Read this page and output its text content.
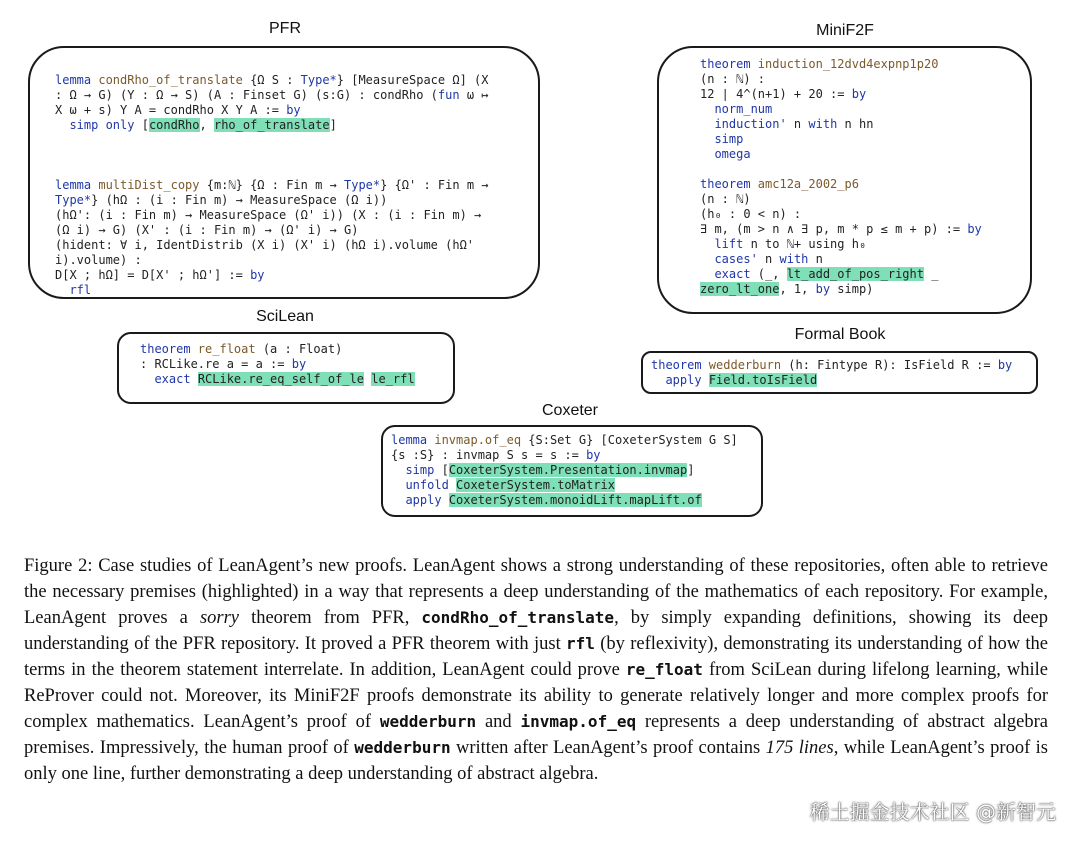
PFR
lemma condRho_of_translate {Ω S : Type*} [MeasureSpace Ω] (X
: Ω → G) (Y : Ω → S) (A : Finset G) (s:G) : condRho (fun ω ↦
X ω + s) Y A = condRho X Y A := by
simp only [condRho, rho_of_translate]

lemma multiDist_copy {m:ℕ} {Ω : Fin m → Type*} {Ω' : Fin m →
Type*} (hΩ : (i : Fin m) → MeasureSpace (Ω i))
(hΩ': (i : Fin m) → MeasureSpace (Ω' i)) (X : (i : Fin m) →
(Ω i) → G) (X' : (i : Fin m) → (Ω' i) → G)
(hident: ∀ i, IdentDistrib (X i) (X' i) (hΩ i).volume (hΩ'
i).volume) :
D[X ; hΩ] = D[X' ; hΩ'] := by
rfl
MiniF2F
theorem induction_12dvd4expnp1p20
(n : ℕ) :
12 ∣ 4^(n+1) + 20 := by
norm_num
induction' n with n hn
simp
omega

theorem amc12a_2002_p6
(n : ℕ)
(h₀ : 0 < n) :
∃ m, (m > n ∧ ∃ p, m * p ≤ m + p) := by
lift n to ℕ+ using h₀
cases' n with n
exact (_, lt_add_of_pos_right _
zero_lt_one, 1, by simp)
SciLean
theorem re_float (a : Float)
: RCLike.re a = a := by
exact RCLike.re_eq_self_of_le le_rfl
Formal Book
theorem wedderburn (h: Fintype R): IsField R := by
apply Field.toIsField
Coxeter
lemma invmap.of_eq {S:Set G} [CoxeterSystem G S]
{s :S} : invmap S s = s := by
simp [CoxeterSystem.Presentation.invmap]
unfold CoxeterSystem.toMatrix
apply CoxeterSystem.monoidLift.mapLift.of

Figure 2: Case studies of LeanAgent’s new proofs. LeanAgent shows a strong understanding of these repositories, often able to retrieve the necessary premises (highlighted) in a way that represents a deep understanding of the mathematics of each repository. For example, LeanAgent proves a sorry theorem from PFR, condRho_of_translate, by simply expanding definitions, showing its deep understanding of the PFR repository. It proved a PFR theorem with just rfl (by reflexivity), demonstrating its understanding of how the terms in the theorem statement interrelate. In addition, LeanAgent could prove re_float from SciLean during lifelong learning, while ReProver could not. Moreover, its MiniF2F proofs demonstrate its ability to generate relatively longer and more complex proofs for complex mathematics. LeanAgent’s proof of wedderburn and invmap.of_eq represents a deep understanding of abstract algebra premises. Impressively, the human proof of wedderburn written after LeanAgent’s proof contains 175 lines, while LeanAgent’s proof is only one line, further demonstrating a deep understanding of abstract algebra.

稀土掘金技术社区 @新智元
